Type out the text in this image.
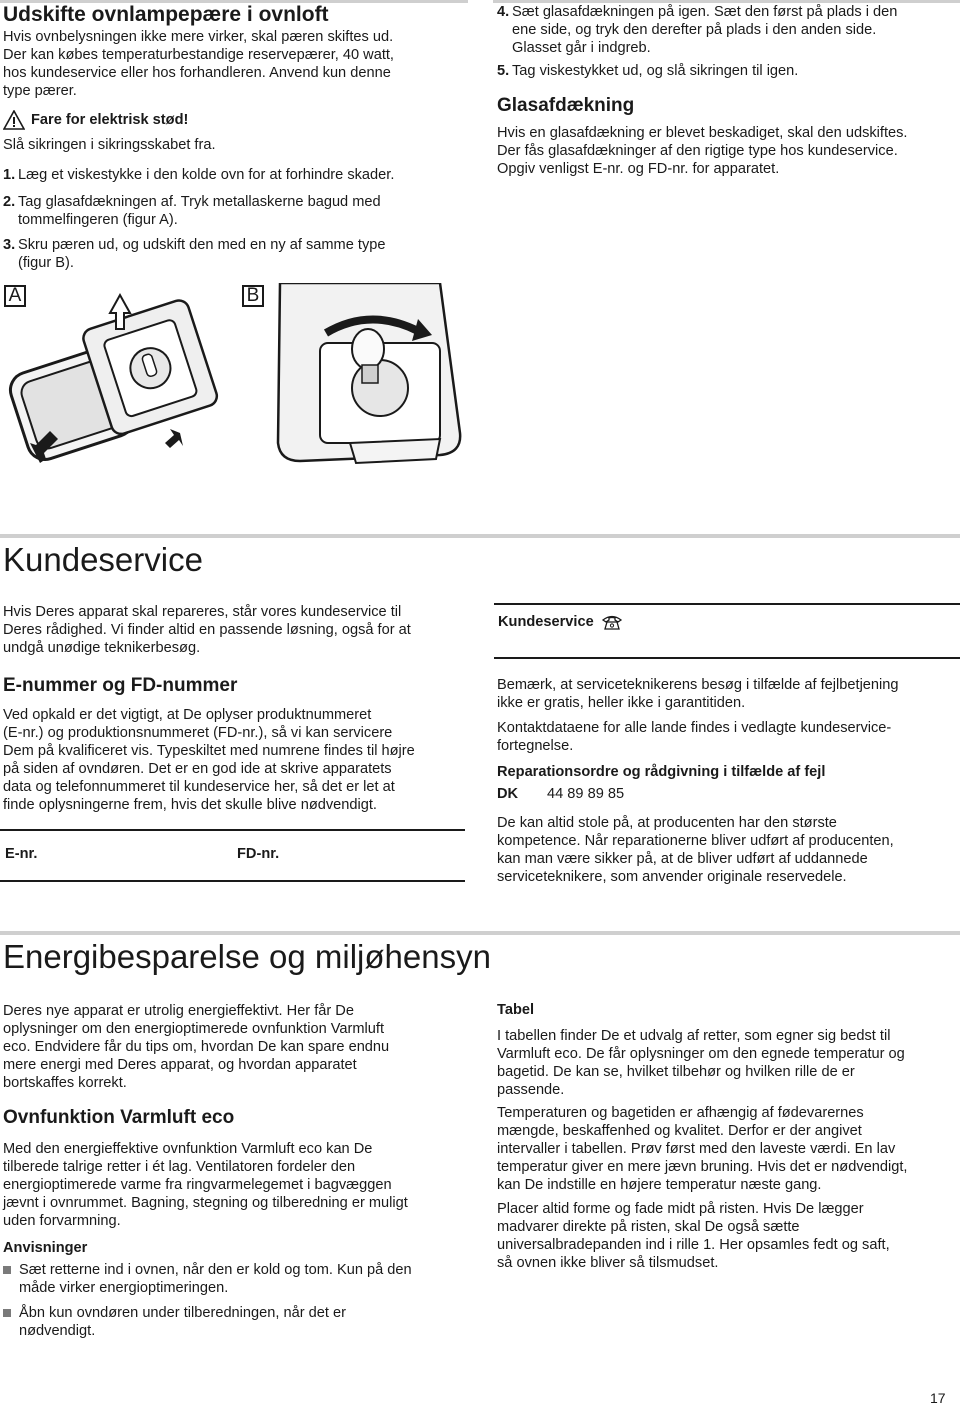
Udskifte ovnlampepære i ovnloft
Hvis ovnbelysningen ikke mere virker, skal pæren skiftes ud.
Der kan købes temperaturbestandige reservepærer, 40 watt,
hos kundeservice eller hos forhandleren. Anvend kun denne
type pærer.
Fare for elektrisk stød!
Slå sikringen i sikringsskabet fra.
1. Læg et viskestykke i den kolde ovn for at forhindre skader.
2. Tag glasafdækningen af. Tryk metallaskerne bagud med
tommelfingeren (figur A).
3. Skru pæren ud, og udskift den med en ny af samme type
(figur B).
4. Sæt glasafdækningen på igen. Sæt den først på plads i den
ene side, og tryk den derefter på plads i den anden side.
Glasset går i indgreb.
5. Tag viskestykket ud, og slå sikringen til igen.
Glasafdækning
Hvis en glasafdækning er blevet beskadiget, skal den udskiftes.
Der fås glasafdækninger af den rigtige type hos kundeservice.
Opgiv venligst E-nr. og FD-nr. for apparatet.
A	B
Kundeservice
Hvis Deres apparat skal repareres, står vores kundeservice til
Deres rådighed. Vi finder altid en passende løsning, også for at
undgå unødige teknikerbesøg.
E-nummer og FD-nummer
Ved opkald er det vigtigt, at De oplyser produktnummeret
(E-nr.) og produktionsnummeret (FD-nr.), så vi kan servicere
Dem på kvalificeret vis. Typeskiltet med numrene findes til højre
på siden af ovndøren. Det er en god ide at skrive apparatets
data og telefonnummeret til kundeservice her, så det er let at
finde oplysningerne frem, hvis det skulle blive nødvendigt.
E-nr.	FD-nr.
Kundeservice
Bemærk, at serviceteknikerens besøg i tilfælde af fejlbetjening
ikke er gratis, heller ikke i garantitiden.
Kontaktdataene for alle lande findes i vedlagte kundeservice-
fortegnelse.
Reparationsordre og rådgivning i tilfælde af fejl
DK	44 89 89 85
De kan altid stole på, at producenten har den største
kompetence. Når reparationerne bliver udført af producenten,
kan man være sikker på, at de bliver udført af uddannede
serviceteknikere, som anvender originale reservedele.
Energibesparelse og miljøhensyn
Deres nye apparat er utrolig energieffektivt. Her får De
oplysninger om den energioptimerede ovnfunktion Varmluft
eco. Endvidere får du tips om, hvordan De kan spare endnu
mere energi med Deres apparat, og hvordan apparatet
bortskaffes korrekt.
Ovnfunktion Varmluft eco
Med den energieffektive ovnfunktion Varmluft eco kan De
tilberede talrige retter i ét lag. Ventilatoren fordeler den
energioptimerede varme fra ringvarmelegemet i bagvæggen
jævnt i ovnrummet. Bagning, stegning og tilberedning er muligt
uden forvarmning.
Anvisninger
Sæt retterne ind i ovnen, når den er kold og tom. Kun på den
måde virker energioptimeringen.
Åbn kun ovndøren under tilberedningen, når det er
nødvendigt.
Tabel
I tabellen finder De et udvalg af retter, som egner sig bedst til
Varmluft eco. De får oplysninger om den egnede temperatur og
bagetid. De kan se, hvilket tilbehør og hvilken rille de er
passende.
Temperaturen og bagetiden er afhængig af fødevarernes
mængde, beskaffenhed og kvalitet. Derfor er der angivet
intervaller i tabellen. Prøv først med den laveste værdi. En lav
temperatur giver en mere jævn bruning. Hvis det er nødvendigt,
kan De indstille en højere temperatur næste gang.
Placer altid forme og fade midt på risten. Hvis De lægger
madvarer direkte på risten, skal De også sætte
universalbradepanden ind i rille 1. Her opsamles fedt og saft,
så ovnen ikke bliver så tilsmudset.
17
